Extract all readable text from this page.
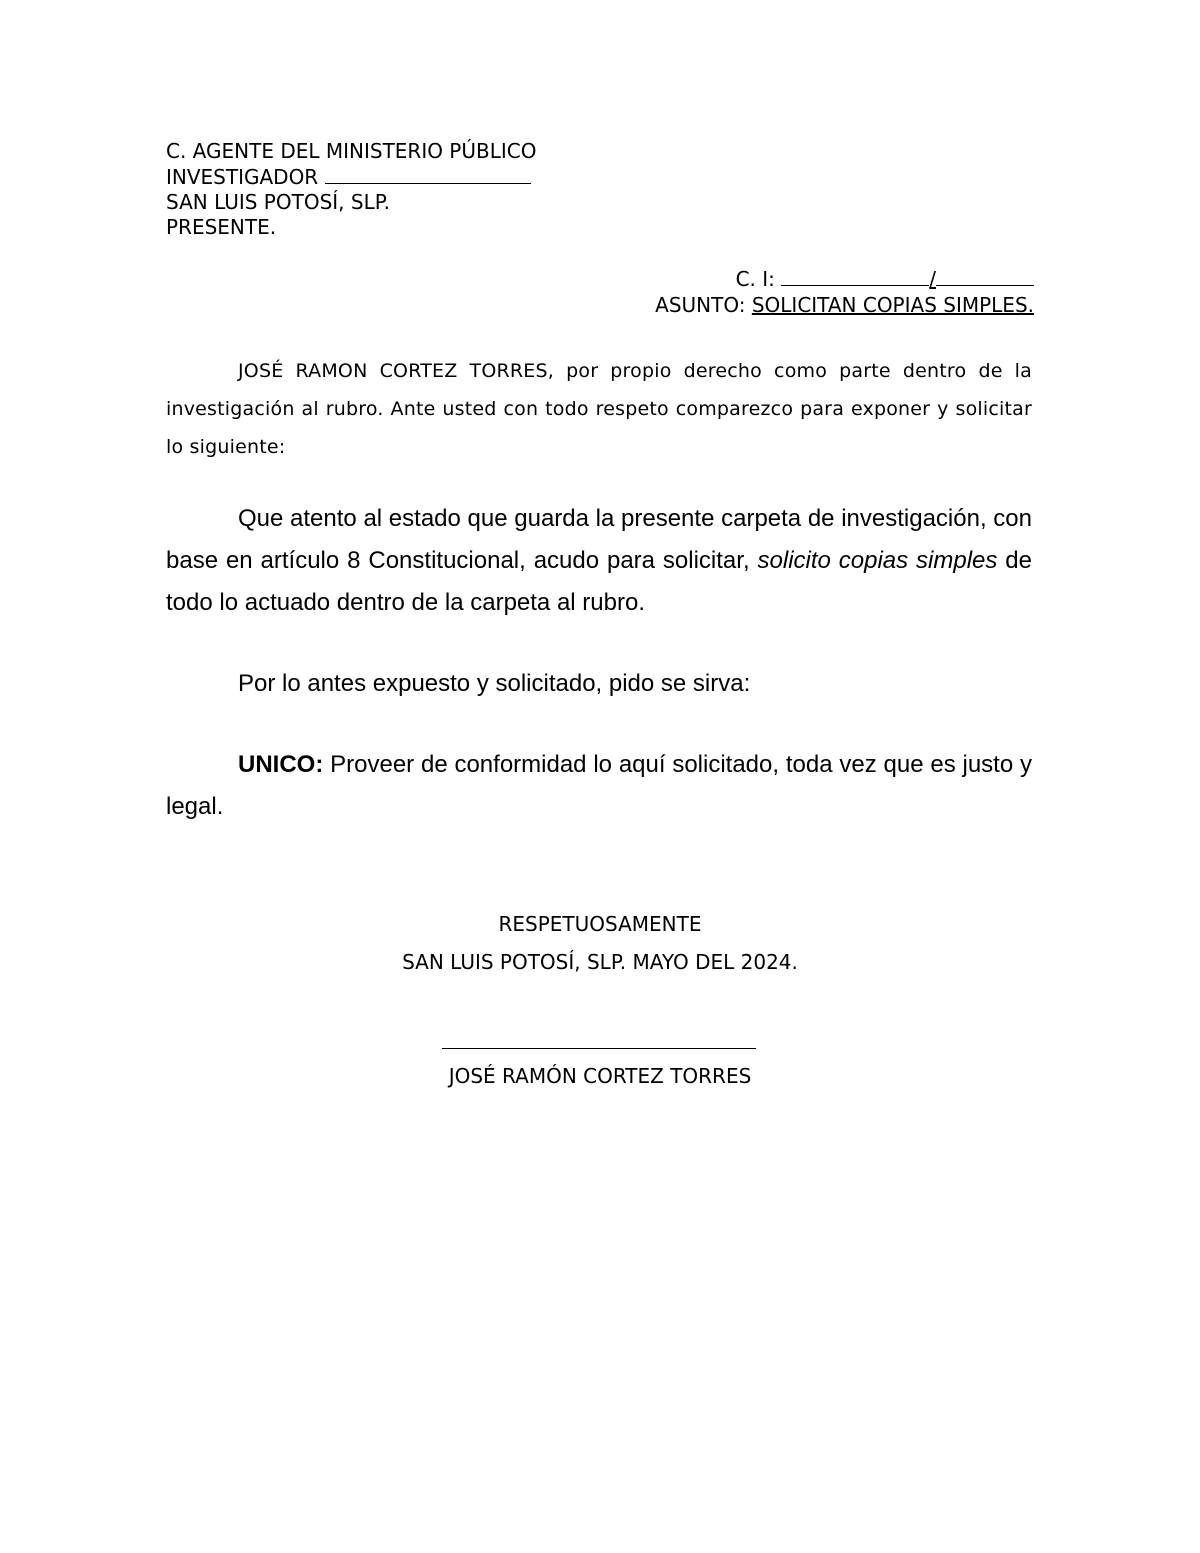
C. AGENTE DEL MINISTERIO PÚBLICO
INVESTIGADOR
SAN LUIS POTOSÍ, SLP.
PRESENTE.
C. I:	/
ASUNTO: SOLICITAN COPIAS SIMPLES.

JOSÉ RAMON CORTEZ TORRES, por propio derecho como parte dentro de la investigación al rubro. Ante usted con todo respeto comparezco para exponer y solicitar lo siguiente:

Que atento al estado que guarda la presente carpeta de investigación, con base en artículo 8 Constitucional, acudo para solicitar, solicito copias simples de todo lo actuado dentro de la carpeta al rubro.

Por lo antes expuesto y solicitado, pido se sirva:

UNICO: Proveer de conformidad lo aquí solicitado, toda vez que es justo y legal.

RESPETUOSAMENTE
SAN LUIS POTOSÍ, SLP. MAYO DEL 2024.
JOSÉ RAMÓN CORTEZ TORRES
